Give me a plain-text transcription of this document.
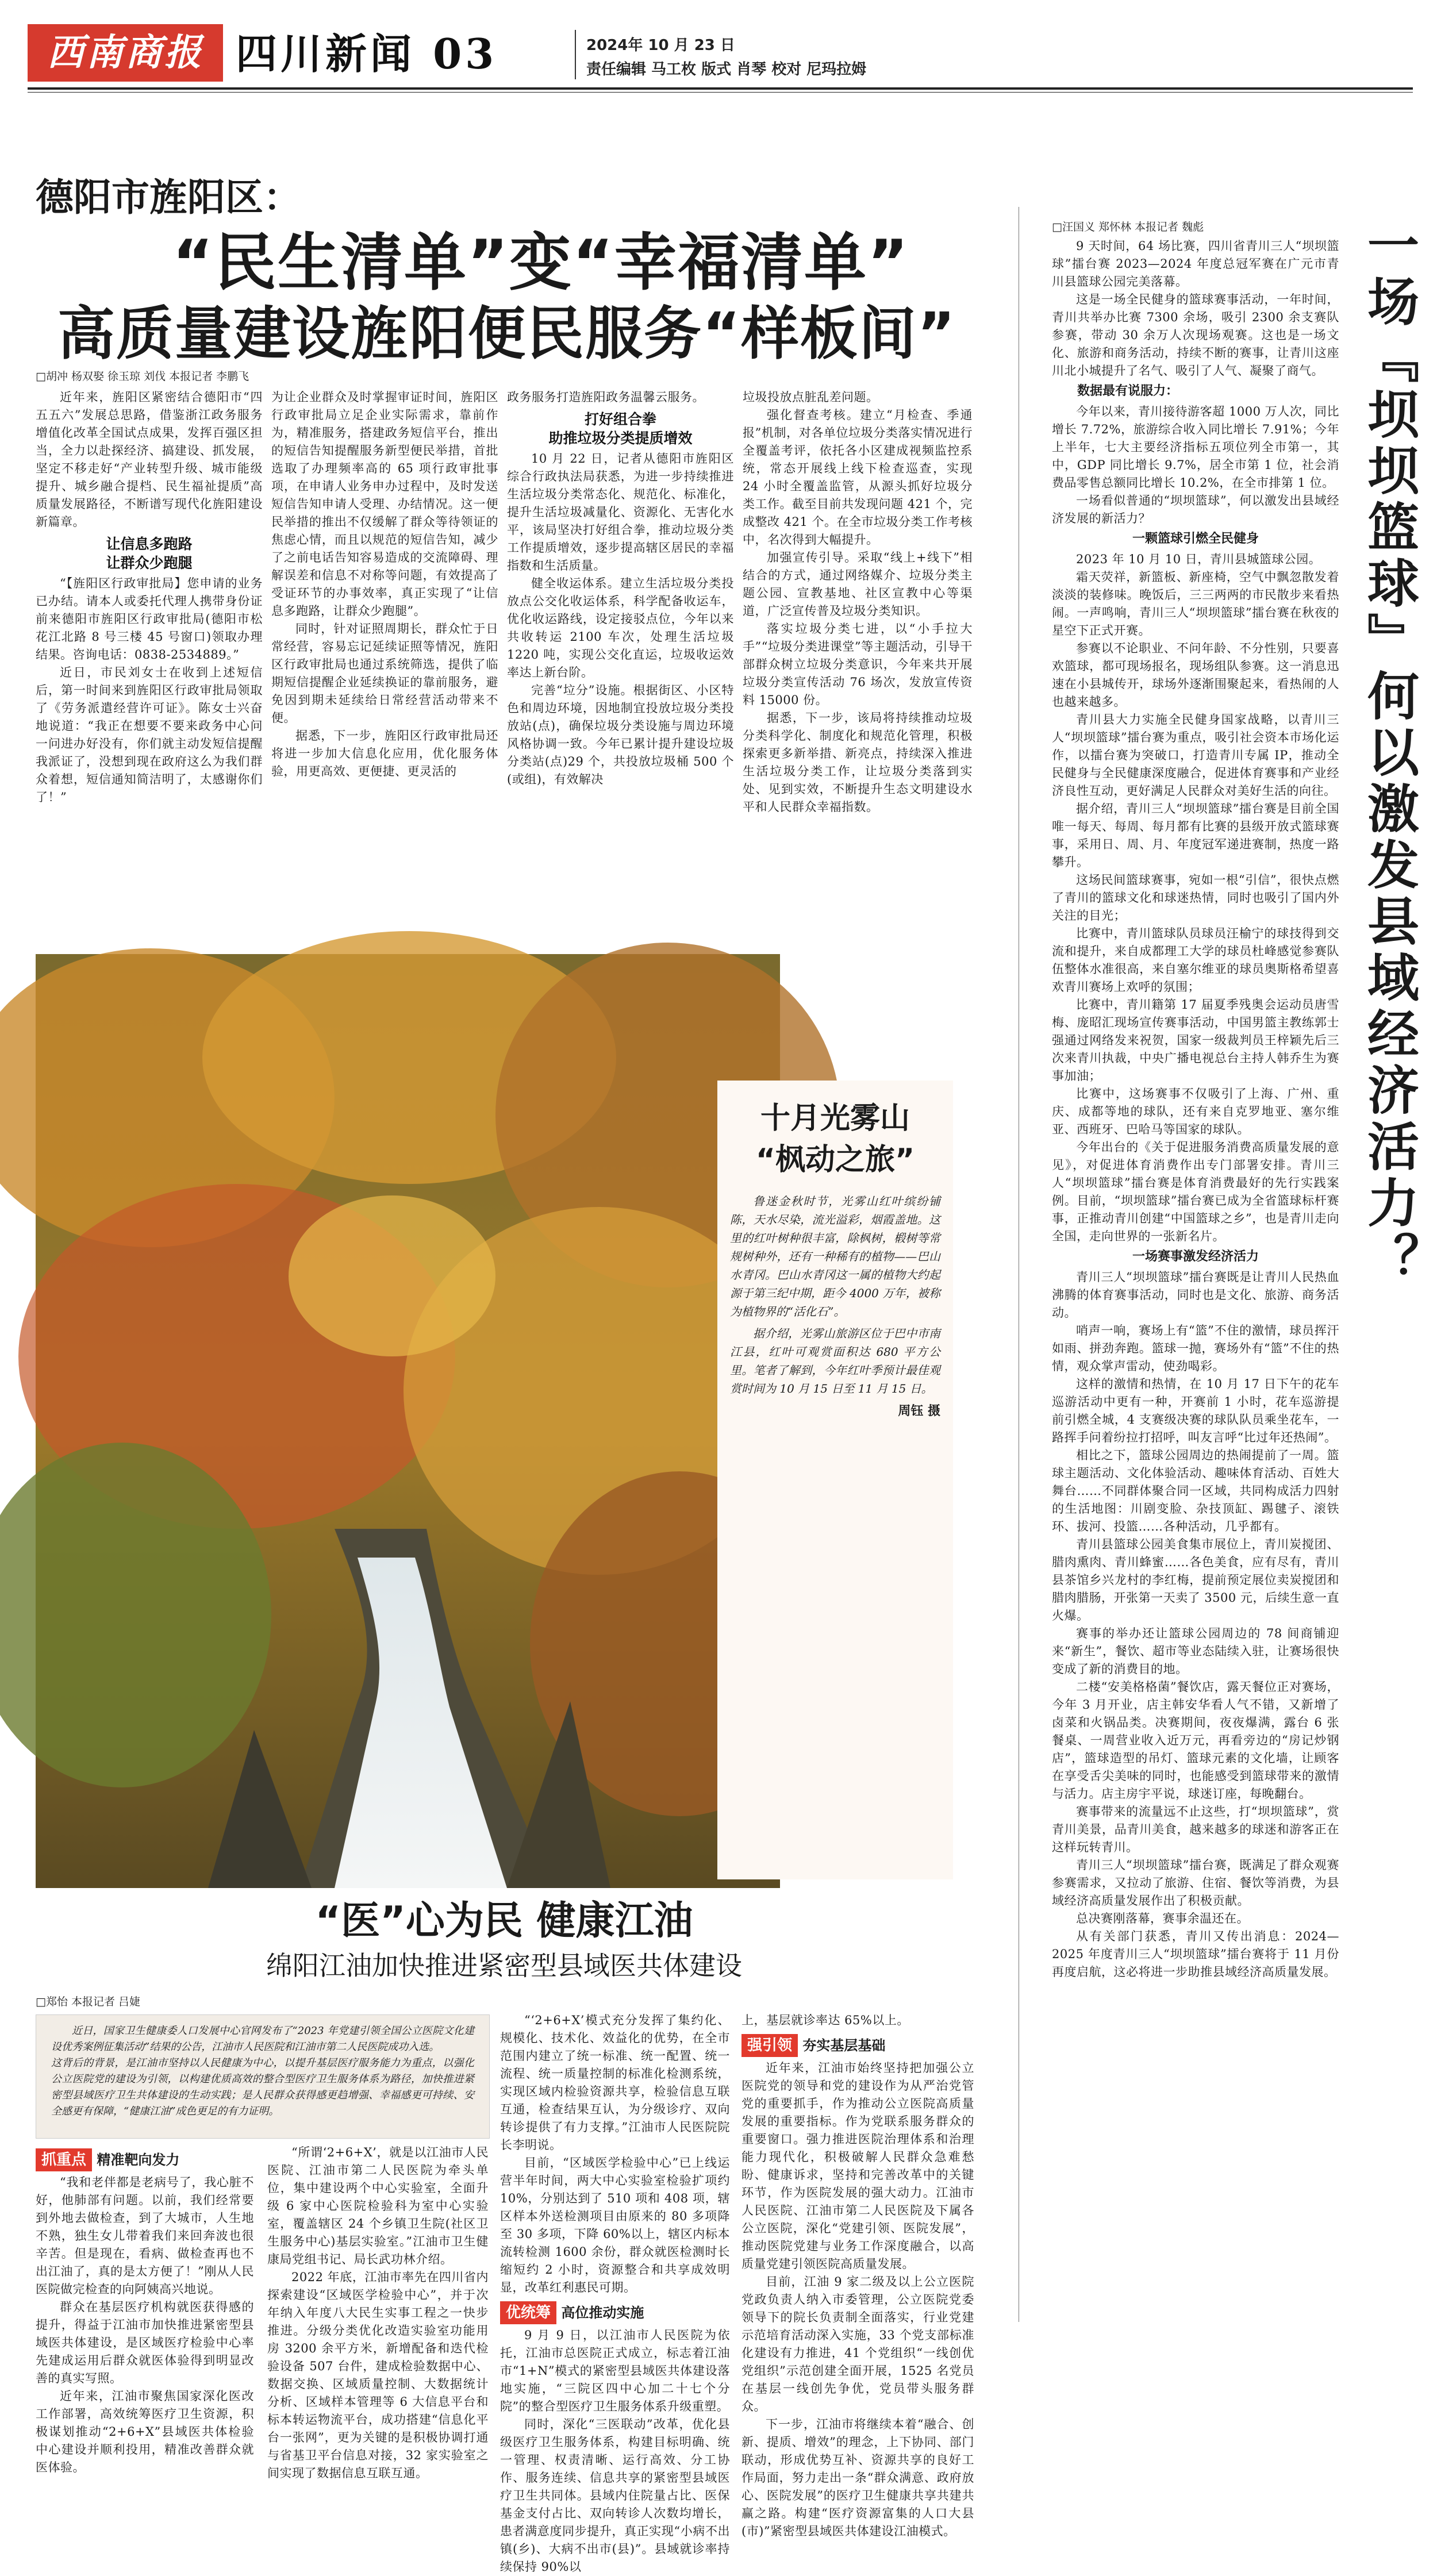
西南商报 四川新闻 03	2024年 10 月 23 日
责任编辑 马工枚 版式 肖琴 校对 尼玛拉姆
德阳市旌阳区：
“民生清单”变“幸福清单”
高质量建设旌阳便民服务“样板间”
□胡冲 杨双娶 徐玉琼 刘伐 本报记者 李鹏飞

近年来，旌阳区紧密结合德阳市“四五五六”发展总思路，借鉴浙江政务服务增值化改革全国试点成果，发挥百强区担当，全力以赴探经济、搞建设、抓发展，坚定不移走好“产业转型升级、城市能级提升、城乡融合提档、民生福祉提质”高质量发展路径，不断谱写现代化旌阳建设新篇章。

让信息多跑路
让群众少跑腿

“【旌阳区行政审批局】您申请的业务已办结。请本人或委托代理人携带身份证前来德阳市旌阳区行政审批局(德阳市松花江北路 8 号三楼 45 号窗口)领取办理结果。咨询电话：0838-2534889。”

近日，市民刘女士在收到上述短信后，第一时间来到旌阳区行政审批局领取了《劳务派遣经营许可证》。陈女士兴奋地说道：“我正在想要不要来政务中心问一问进办好没有，你们就主动发短信提醒我派证了，没想到现在政府这么为我们群众着想，短信通知简洁明了，太感谢你们了！”

为让企业群众及时掌握审证时间，旌阳区行政审批局立足企业实际需求，靠前作为，精准服务，搭建政务短信平台，推出的短信告知提醒服务新型便民举措，首批选取了办理频率高的 65 项行政审批事项，在申请人业务申办过程中，及时发送短信告知申请人受理、办结情况。这一便民举措的推出不仅缓解了群众等待领证的焦虑心情，而且以规范的短信告知，减少了之前电话告知容易造成的交流障碍、理解误差和信息不对称等问题，有效提高了受证环节的办事效率，真正实现了“让信息多跑路，让群众少跑腿”。

同时，针对证照周期长，群众忙于日常经营，容易忘记延续证照等情况，旌阳区行政审批局也通过系统筛选，提供了临期短信提醒企业延续换证的靠前服务，避免因到期未延续给日常经营活动带来不便。

据悉，下一步，旌阳区行政审批局还将进一步加大信息化应用，优化服务体验，用更高效、更便捷、更灵活的

政务服务打造旌阳政务温馨云服务。

打好组合拳
助推垃圾分类提质增效

10 月 22 日，记者从德阳市旌阳区综合行政执法局获悉，为进一步持续推进生活垃圾分类常态化、规范化、标准化，提升生活垃圾减量化、资源化、无害化水平，该局坚决打好组合拳，推动垃圾分类工作提质增效，逐步提高辖区居民的幸福指数和生活质量。

健全收运体系。建立生活垃圾分类投放点公交化收运体系，科学配备收运车，优化收运路线，设定接驳点位，今年以来共收转运 2100 车次，处理生活垃圾 1220 吨，实现公交化直运，垃圾收运效率达上新台阶。

完善“垃分”设施。根据街区、小区特色和周边环境，因地制宜投放垃圾分类投放站(点)，确保垃圾分类设施与周边环境风格协调一致。今年已累计提升建设垃圾分类站(点)29 个，共投放垃圾桶 500 个(或组)，有效解决

垃圾投放点脏乱差问题。

强化督查考核。建立“月检查、季通报”机制，对各单位垃圾分类落实情况进行全覆盖考评，依托各小区建成视频监控系统，常态开展线上线下检查巡查，实现 24 小时全覆盖监管，从源头抓好垃圾分类工作。截至目前共发现问题 421 个，完成整改 421 个。在全市垃圾分类工作考核中，名次得到大幅提升。

加强宣传引导。采取“线上+线下”相结合的方式，通过网络媒介、垃圾分类主题公园、宣教基地、社区宣教中心等渠道，广泛宣传普及垃圾分类知识。

落实垃圾分类七进，以“小手拉大手”“垃圾分类进课堂”等主题活动，引导干部群众树立垃圾分类意识，今年来共开展垃圾分类宣传活动 76 场次，发放宣传资料 15000 份。

据悉，下一步，该局将持续推动垃圾分类科学化、制度化和规范化管理，积极探索更多新举措、新亮点，持续深入推进生活垃圾分类工作，让垃圾分类落到实处、见到实效，不断提升生态文明建设水平和人民群众幸福指数。

十月光雾山
“枫动之旅”

鲁迷金秋时节，光雾山红叶缤纷铺陈，天水尽染，流光溢彩，烟霞盖地。这里的红叶树种很丰富，除枫树，椴树等常规树种外，还有一种稀有的植物——巴山水青冈。巴山水青冈这一属的植物大约起源于第三纪中期，距今 4000 万年，被称为植物界的“活化石”。

据介绍，光雾山旅游区位于巴中市南江县，红叶可观赏面积达 680 平方公里。笔者了解到，今年红叶季预计最佳观赏时间为 10 月 15 日至 11 月 15 日。

周钰 摄
“医”心为民 健康江油
绵阳江油加快推进紧密型县域医共体建设
□郑怡 本报记者 吕婕

近日，国家卫生健康委人口发展中心官网发布了“2023 年党建引领全国公立医院文化建设优秀案例征集活动”结果的公告，江油市人民医院和江油市第二人民医院成功入选。
这背后的背景，是江油市坚持以人民健康为中心，以提升基层医疗服务能力为重点，以强化公立医院党的建设为引领，以构建优质高效的整合型医疗卫生服务体系为路径，加快推进紧密型县域医疗卫生共体建设的生动实践；是人民群众获得感更趋增强、幸福感更可持续、安全感更有保障，“健康江油”成色更足的有力证明。

抓重点 精准靶向发力

“我和老伴都是老病号了，我心脏不好，他肺部有问题。以前，我们经常要到外地去做检查，到了大城市，人生地不熟，独生女儿带着我们来回奔波也很辛苦。但是现在，看病、做检查再也不出江油了，真的是太方便了！”刚从人民医院做完检查的向阿姨高兴地说。

群众在基层医疗机构就医获得感的提升，得益于江油市加快推进紧密型县域医共体建设，是区域医疗检验中心率先建成运用后群众就医体验得到明显改善的真实写照。

近年来，江油市聚焦国家深化医改工作部署，高效统筹医疗卫生资源，积极谋划推动“2+6+X”县域医共体检验中心建设并顺利投用，精准改善群众就医体验。

“所谓‘2+6+X’，就是以江油市人民医院、江油市第二人民医院为牵头单位，集中建设两个中心实验室，全面升级 6 家中心医院检验科为室中心实验室，覆盖辖区 24 个乡镇卫生院(社区卫生服务中心)基层实验室。”江油市卫生健康局党组书记、局长武功林介绍。

2022 年底，江油市率先在四川省内探索建设“区域医学检验中心”，并于次年纳入年度八大民生实事工程之一快步推进。分级分类优化改造实验室功能用房 3200 余平方米，新增配备和迭代检验设备 507 台件，建成检验数据中心、数据交换、区域质量控制、大数据统计分析、区域样本管理等 6 大信息平台和标本转运物流平台，成功搭建“信息化平台一张网”，更为关键的是积极协调打通与省基卫平台信息对接，32 家实验室之间实现了数据信息互联互通。

“‘2+6+X’模式充分发挥了集约化、规模化、技术化、效益化的优势，在全市范围内建立了统一标准、统一配置、统一流程、统一质量控制的标准化检测系统，实现区域内检验资源共享，检验信息互联互通，检查结果互认，为分级诊疗、双向转诊提供了有力支撑。”江油市人民医院院长李明说。

目前，“区域医学检验中心”已上线运营半年时间，两大中心实验室检验扩项约 10%，分别达到了 510 项和 408 项，辖区样本外送检测项目由原来的 80 多项降至 30 多项，下降 60%以上，辖区内标本流转检测 1600 余份，群众就医检测时长缩短约 2 小时，资源整合和共享成效明显，改革红利惠民可期。

优统筹 高位推动实施

9 月 9 日，以江油市人民医院为依托，江油市总医院正式成立，标志着江油市“1+N”模式的紧密型县域医共体建设落地实施，“三院区四中心加二十七个分院”的整合型医疗卫生服务体系升级重塑。

同时，深化“三医联动”改革，优化县级医疗卫生服务体系，构建目标明确、统一管理、权责清晰、运行高效、分工协作、服务连续、信息共享的紧密型县域医疗卫生共同体。县域内住院量占比、医保基金支付占比、双向转诊人次数均增长，患者满意度同步提升，真正实现“小病不出镇(乡)、大病不出市(县)”。县域就诊率持续保持 90%以

上，基层就诊率达 65%以上。

强引领 夯实基层基础

近年来，江油市始终坚持把加强公立医院党的领导和党的建设作为从严治党管党的重要抓手，作为推动公立医院高质量发展的重要指标。作为党联系服务群众的重要窗口。强力推进医院治理体系和治理能力现代化，积极破解人民群众急难愁盼、健康诉求，坚持和完善改革中的关键环节，作为医院发展的强大动力。江油市人民医院、江油市第二人民医院及下属各公立医院，深化“党建引领、医院发展”，推动医院党建与业务工作深度融合，以高质量党建引领医院高质量发展。

目前，江油 9 家二级及以上公立医院党政负责人纳入市委管理，公立医院党委领导下的院长负责制全面落实，行业党建示范培育活动深入实施，33 个党支部标准化建设有力推进，41 个党组织“一线创优党组织”示范创建全面开展，1525 名党员在基层一线创先争优，党员带头服务群众。

下一步，江油市将继续本着“融合、创新、提质、增效”的理念，上下协同、部门联动，形成优势互补、资源共享的良好工作局面，努力走出一条“群众满意、政府放心、医院发展”的医疗卫生健康共享共建共赢之路。构建“医疗资源富集的人口大县(市)”紧密型县域医共体建设江油模式。

一场『坝坝篮球』何以激发县域经济活力？
□汪国义 郑怀林 本报记者 魏彪

9 天时间，64 场比赛，四川省青川三人“坝坝篮球”擂台赛 2023—2024 年度总冠军赛在广元市青川县篮球公园完美落幕。

这是一场全民健身的篮球赛事活动，一年时间，青川共举办比赛 7300 余场，吸引 2300 余支赛队参赛，带动 30 余万人次现场观赛。这也是一场文化、旅游和商务活动，持续不断的赛事，让青川这座川北小城提升了名气、吸引了人气、凝聚了商气。

数据最有说服力：

今年以来，青川接待游客超 1000 万人次，同比增长 7.72%，旅游综合收入同比增长 7.91%；今年上半年，七大主要经济指标五项位列全市第一，其中，GDP 同比增长 9.7%，居全市第 1 位，社会消费品零售总额同比增长 10.2%，在全市排第 1 位。

一场看似普通的“坝坝篮球”，何以激发出县域经济发展的新活力？

一颗篮球引燃全民健身

2023 年 10 月 10 日，青川县城篮球公园。

霜天荧祥，新篮板、新座椅，空气中飘忽散发着淡淡的装修味。晚饭后，三三两两的市民散步来看热闹。一声鸣响，青川三人“坝坝篮球”擂台赛在秋夜的星空下正式开赛。

参赛以不论职业、不问年龄、不分性别，只要喜欢篮球，都可现场报名，现场组队参赛。这一消息迅速在小县城传开，球场外逐渐围聚起来，看热闹的人也越来越多。

青川县大力实施全民健身国家战略，以青川三人“坝坝篮球”擂台赛为重点，吸引社会资本市场化运作，以擂台赛为突破口，打造青川专属 IP，推动全民健身与全民健康深度融合，促进体育赛事和产业经济良性互动，更好满足人民群众对美好生活的向往。

据介绍，青川三人“坝坝篮球”擂台赛是目前全国唯一每天、每周、每月都有比赛的县级开放式篮球赛事，采用日、周、月、年度冠军递进赛制，热度一路攀升。

这场民间篮球赛事，宛如一根“引信”，很快点燃了青川的篮球文化和球迷热情，同时也吸引了国内外关注的目光；

比赛中，青川篮球队员球员汪榆宁的球技得到交流和提升，来自成都理工大学的球员杜峰感觉参赛队伍整体水准很高，来自塞尔维亚的球员奥斯格希望喜欢青川赛场上欢呼的氛围；

比赛中，青川籍第 17 届夏季残奥会运动员唐雪梅、庞昭汇现场宣传赛事活动，中国男篮主教练郭士强通过网络发来祝贺，国家一级裁判员王梓颖先后三次来青川执裁，中央广播电视总台主持人韩乔生为赛事加油；

比赛中，这场赛事不仅吸引了上海、广州、重庆、成都等地的球队，还有来自克罗地亚、塞尔维亚、西班牙、巴哈马等国家的球队。

今年出台的《关于促进服务消费高质量发展的意见》，对促进体育消费作出专门部署安排。青川三人“坝坝篮球”擂台赛是体育消费最好的先行实践案例。目前，“坝坝篮球”擂台赛已成为全省篮球标杆赛事，正推动青川创建“中国篮球之乡”，也是青川走向全国，走向世界的一张新名片。

一场赛事激发经济活力

青川三人“坝坝篮球”擂台赛既是让青川人民热血沸腾的体育赛事活动，同时也是文化、旅游、商务活动。

哨声一响，赛场上有“篮”不住的激情，球员挥汗如雨、拼劲奔跑。篮球一抛，赛场外有“篮”不住的热情，观众掌声雷动，使劲喝彩。

这样的激情和热情，在 10 月 17 日下午的花车巡游活动中更有一种，开赛前 1 小时，花车巡游提前引燃全城，4 支赛级决赛的球队队员乘坐花车，一路挥手问着纷拉打招呼，叫友言呼“比过年还热闹”。

相比之下，篮球公园周边的热闹提前了一周。篮球主题活动、文化体验活动、趣味体育活动、百姓大舞台……不同群体聚合同一区域，共同构成活力四射的生活地图：川剧变脸、杂技顶缸、踢毽子、滚铁环、拔河、投篮……各种活动，几乎都有。

青川县篮球公园美食集市展位上，青川炭搅团、腊肉熏肉、青川蜂蜜……各色美食，应有尽有，青川县茶馆乡兴龙村的李红梅，提前预定展位卖炭搅团和腊肉腊肠，开张第一天卖了 3500 元，后续生意一直火爆。

赛事的举办还让篮球公园周边的 78 间商铺迎来“新生”，餐饮、超市等业态陆续入驻，让赛场很快变成了新的消费目的地。

二楼“安美格格菌”餐饮店，露天餐位正对赛场，今年 3 月开业，店主韩安华看人气不错，又新增了卤菜和火锅品类。决赛期间，夜夜爆满，露台 6 张餐桌、一周营业收入近万元，再看旁边的“房记炒钢店”，篮球造型的吊灯、篮球元素的文化墙，让顾客在享受舌尖美味的同时，也能感受到篮球带来的激情与活力。店主房宇平说，球迷订座，每晚翻台。

赛事带来的流量远不止这些，打“坝坝篮球”，赏青川美景，品青川美食，越来越多的球迷和游客正在这样玩转青川。

青川三人“坝坝篮球”擂台赛，既满足了群众观赛参赛需求，又拉动了旅游、住宿、餐饮等消费，为县域经济高质量发展作出了积极贡献。

总决赛刚落幕，赛事余温还在。

从有关部门获悉，青川又传出消息：2024—2025 年度青川三人“坝坝篮球”擂台赛将于 11 月份再度启航，这必将进一步助推县域经济高质量发展。
